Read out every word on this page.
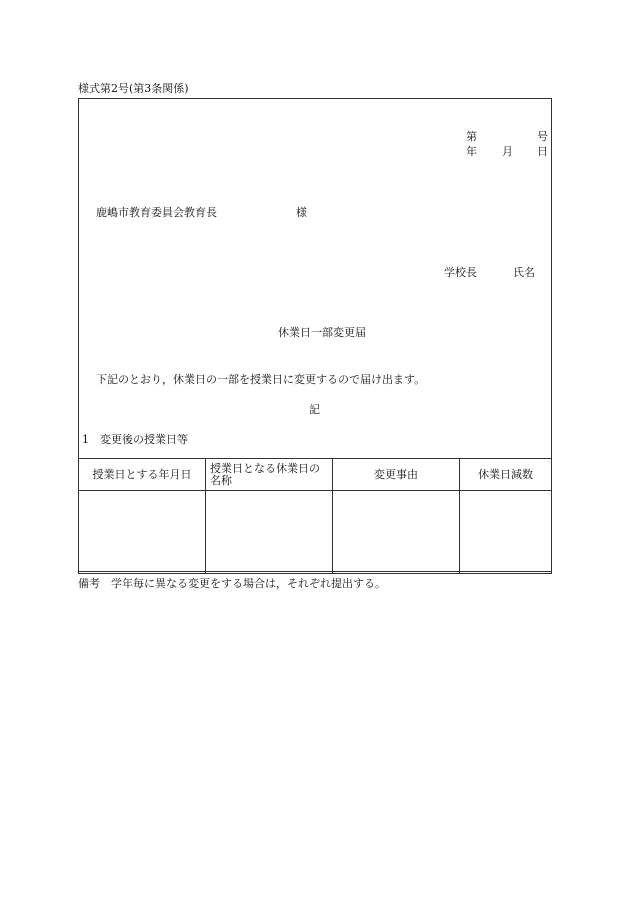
様式第2号(第3条関係)
第	号
年 月 日
鹿嶋市教育委員会教育長	様
学校長	氏名
休業日一部変更届
下記のとおり，休業日の一部を授業日に変更するので届け出ます。
記
1　変更後の授業日等
授業日とする年月日	授業日となる休業日の名称	変更事由	休業日減数

備考　学年毎に異なる変更をする場合は，それぞれ提出する。
